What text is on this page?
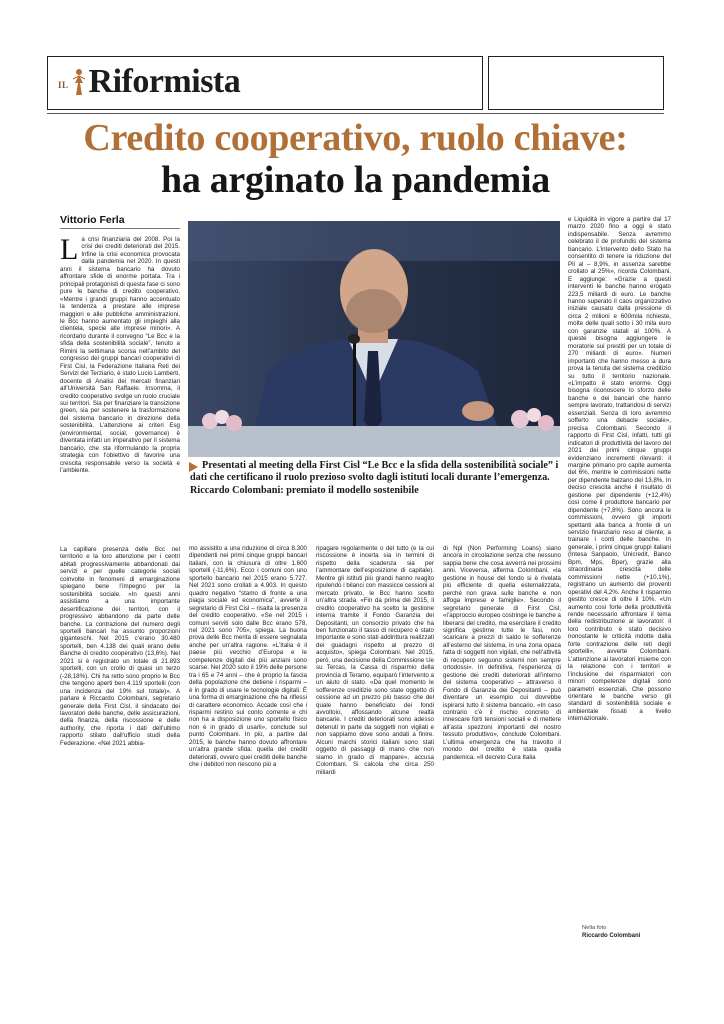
IL Riformista
Credito cooperativo, ruolo chiave:
ha arginato la pandemia
Vittorio Ferla
L a crisi finanziaria del 2008. Poi la crisi dei crediti deteriorati del 2015. Infine la crisi economica provocata dalla pandemia nel 2020. In questi anni il sistema bancario ha dovuto affrontare sfide di enorme portata. Tra i principali protagonisti di questa fase ci sono pure le banche di credito cooperativo. «Mentre i grandi gruppi hanno accentuato la tendenza a prestare alle imprese maggiori e alle pubbliche amministrazioni, le Bcc hanno aumentato gli impieghi alla clientela, specie alle imprese minori». A ricordarlo durante il convegno “Le Bcc e la sfida della sostenibilità sociale”, tenuto a Rimini la settimana scorsa nell’ambito del congresso dei gruppi bancari cooperativi di First Cisl, la Federazione Italiana Reti dei Servizi del Terziario, è stato Lucio Lamberti, docente di Analisi dei mercati finanziari all’Università San Raffaele. Insomma, il credito cooperativo svolge un ruolo cruciale sui territori. Sia per finanziare la transizione green, sia per sostenere la trasformazione del sistema bancario in direzione della sostenibilità. L’attenzione ai criteri Esg (environmental, social, governance) è diventata infatti un imperativo per il sistema bancario, che sta riformulando la propria strategia con l’obiettivo di favorire una crescita responsabile verso la società e l’ambiente.	Presentati al meeting della First Cisl “Le Bcc e la sfida della sostenibilità sociale” i dati che certificano il ruolo prezioso svolto dagli istituti locali durante l’emergenza. Riccardo Colombani: premiato il modello sostenibile

La capillare presenza delle Bcc nel territorio e la loro attenzione per i centri abitati progressivamente abbandonati dai servizi e per quelle categorie sociali coinvolte in fenomeni di emarginazione spiegano bene l’impegno per la sostenibilità sociale. «In questi anni assistiamo a una importante desertificazione dei territori, con il progressivo abbandono da parte delle banche. La contrazione del numero degli sportelli bancari ha assunto proporzioni giganteschi. Nel 2015 c’erano 30.480 sportelli, ben 4.138 dei quali erano delle Banche di credito cooperativo (13,6%). Nel 2021 si è registrato un totale di 21.893 sportelli, con un crollo di quasi un terzo (-28,18%). Chi ha retto sono proprio le Bcc che tengono aperti ben 4.119 sportelli (con una incidenza del 19% sul totale)». A parlare è Riccardo Colombani, segretario generale della First Cisl, il sindacato dei lavoratori delle banche, delle assicurazioni, della finanza, della riscossione e delle authority, che riporta i dati dell’ultimo rapporto stilato dall’ufficio studi della Federazione. «Nel 2021 abbia-

mo assistito a una riduzione di circa 8.300 dipendenti nei primi cinque gruppi bancari italiani, con la chiusura di oltre 1.600 sportelli (-11,6%). Ecco i comuni con uno sportello bancario nel 2015 erano 5.727. Nel 2021 sono crollati a 4.903. In questo quadro negativo “stamo di fronte a una piaga sociale ed economica”, avverte il segretario di First Cisl – risalta la presenza del credito cooperativo. «Se nel 2015 i comuni serviti solo dalle Bcc erano 578, nel 2021 sono 705», spiega. La buona prova delle Bcc merita di essere segnalata anche per un’altra ragione. «L’Italia è il paese più vecchio d’Europa e le competenze digitali dei più anziani sono scarse. Nel 2020 solo il 19% delle persone tra i 65 e 74 anni – che è proprio la fascia della popolazione che detiene i risparmi – è in grado di usare le tecnologie digitali. È una forma di emarginazione che ha riflessi di carattere economico. Accade così che i risparmi restino sul conto corrente e chi non ha a disposizione uno sportello fisico non è in grado di usarli», conclude sul punto Colombani. In più, a partire dal 2015, le banche hanno dovuto affrontare un’altra grande sfida: quella dei crediti deteriorati, ovvero quei crediti delle banche che i debitori non riescono più a

ripagare regolarmente o del tutto (e la cui riscossione è incerta sia in termini di rispetto della scadenza sia per l’ammontare dell’esposizione di capitale). Mentre gli istituti più grandi hanno reagito ripulendo i bilanci con massicce cessioni al mercato privato, le Bcc hanno scelto un’altra strada. «Fin da prima del 2015, il credito cooperativo ha scelto la gestione interna tramite il Fondo Garanzia dei Depositanti, un consorzio privato che ha ben funzionato il tasso di recupero è stato importante e sono stati addirittura realizzati dei guadagni rispetto al prezzo di acquisto», spiega Colombani. Nel 2015, però, una decisione della Commissione Ue su Tercas, la Cassa di risparmio della provincia di Teramo, equiparò l’intervento a un aiuto di stato. «Da quel momento le sofferenze creditizie sono state oggetto di cessione ad un prezzo più basso che del quale hanno beneficiato dei fondi avvoltoio, affossando alcune realtà bancarie. I crediti deteriorati sono adesso detenuti in parte da soggetti non vigilati e non sappiamo dove sono andati a finire. Alcuni marchi storici italiani sono stati oggetto di passaggi di mano che non siamo in grado di mappare», accusa Colombani. Si calcola che circa 250 miliardi

di Npl (Non Performing Loans) siano ancora in circolazione senza che nessuno sappia bene che cosa avverrà nei prossimi anni. Viceversa, afferma Colombani, «la gestione in house del fondo si è rivelata più efficiente di quella esternalizzata, perché non grava sulle banche e non affoga imprese e famiglie». Secondo il segretario generale di First Cisl, «l’approccio europeo costringe le banche a liberarsi del credito, ma esercitare il credito significa gestirne tutte le fasi, non scaricare a prezzi di saldo le sofferenze all’esterno del sistema, in una zona opaca fatta di soggetti non vigilati, che nell’attività di recupero seguono sistemi non sempre ortodossi». In definitiva, l’esperienza di gestione dei crediti deteriorati all’interno del sistema cooperativo – attraverso il Fondo di Garanzia dei Depositanti – può diventare un esempio cui dovrebbe ispirarsi tutto il sistema bancario. «In caso contrario c’è il rischio concreto di innescare forti tensioni sociali e di mettere all’asta spezzoni importanti del nostro tessuto produttivo», conclude Colombani. L’ultima emergenza che ha travolto il mondo del credito è stata quella pandemica. «Il decreto Cura Italia

e Liquidità in vigore a partire dal 17 marzo 2020 fino a oggi è stato indispensabile. Senza avremmo celebrato il de profundis del sistema bancario. L’intervento dello Stato ha consentito di tenere la riduzione del Pil al – 8,9%, in assenza sarebbe crollato al 25%», ricorda Colombani. E aggiunge: «Grazie a questi interventi le banche hanno erogato 223,5 miliardi di euro. Le banche hanno superato il caos organizzativo iniziale causato dalla pressione di circa 2 milioni e 600mila richieste, molte delle quali sotto i 30 mila euro con garanzie statali al 100%. A queste bisogna aggiungere le moratorie sui prestiti per un totale di 270 miliardi di euro». Numeri importanti che hanno messo a dura prova la tenuta del sistema creditizio su tutto il territorio nazionale. «L’impatto è stato enorme. Oggi bisogna riconoscere lo sforzo delle banche e dei bancari che hanno sempre lavorato, trattandosi di servizi essenziali. Senza di loro avremmo sofferto una debacle sociale», precisa Colombani. Secondo il rapporto di First Cisl, infatti, tutti gli indicatori di produttività del lavoro del 2021 dei primi cinque gruppi evidenziano incrementi rilevanti: il margine primario pro capite aumenta del 6%, mentre le commissioni nette per dipendente balzano del 13,8%. In deciso crescita anche il risultato di gestione per dipendente (+12,4%) così come il produttore bancario per dipendente (+7,8%). Sono ancora le commissioni, ovvero gli importi spettanti alla banca a fronte di un servizio finanziario reso al cliente, a trainare i conti delle banche. In generale, i primi cinque gruppi italiani (Intesa Sanpaolo, Unicredit, Banco Bpm, Mps, Bper), grazie alla straordinaria crescita delle commissioni nette (+10,1%), registrano un aumento dei proventi operativi del 4,2%. Anche il risparmio gestito cresce di oltre il 10%. «Un aumento così forte della produttività rende necessario affrontare il tema della redistribuzione ai lavoratori: il loro contributo è stato decisivo nonostante le criticità indotte dalla forte contrazione delle reti degli sportelli», avverte Colombani. L’attenzione ai lavoratori insieme con la relazione con i territori e l’inclusione dei risparmiatori con minori competenze digitali sono parametri essenziali. Che possono orientare le banche verso gli standard di sostenibilità sociale e ambientale fissati a livello internazionale.

Nella foto
Riccardo Colombani
